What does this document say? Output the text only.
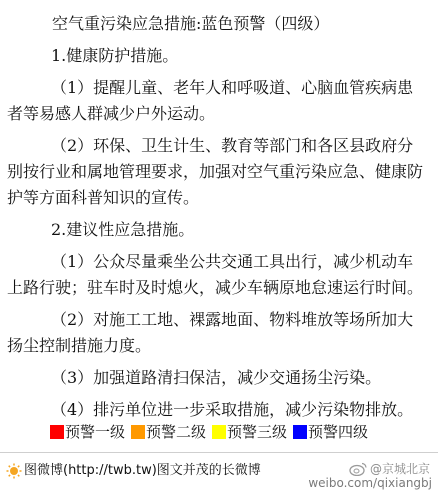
空气重污染应急措施:蓝色预警（四级）

1.健康防护措施。

（1）提醒儿童、老年人和呼吸道、心脑血管疾病患者等易感人群减少户外运动。

（2）环保、卫生计生、教育等部门和各区县政府分别按行业和属地管理要求，加强对空气重污染应急、健康防护等方面科普知识的宣传。

2.建议性应急措施。

（1）公众尽量乘坐公共交通工具出行，减少机动车上路行驶；驻车时及时熄火，减少车辆原地怠速运行时间。

（2）对施工工地、裸露地面、物料堆放等场所加大扬尘控制措施力度。

（3）加强道路清扫保洁，减少交通扬尘污染。

（4）排污单位进一步采取措施，减少污染物排放。

预警一级 预警二级 预警三级 预警四级
图微博(http://twb.tw)图文并茂的长微博	@京城北京
weibo.com/qixiangbj
